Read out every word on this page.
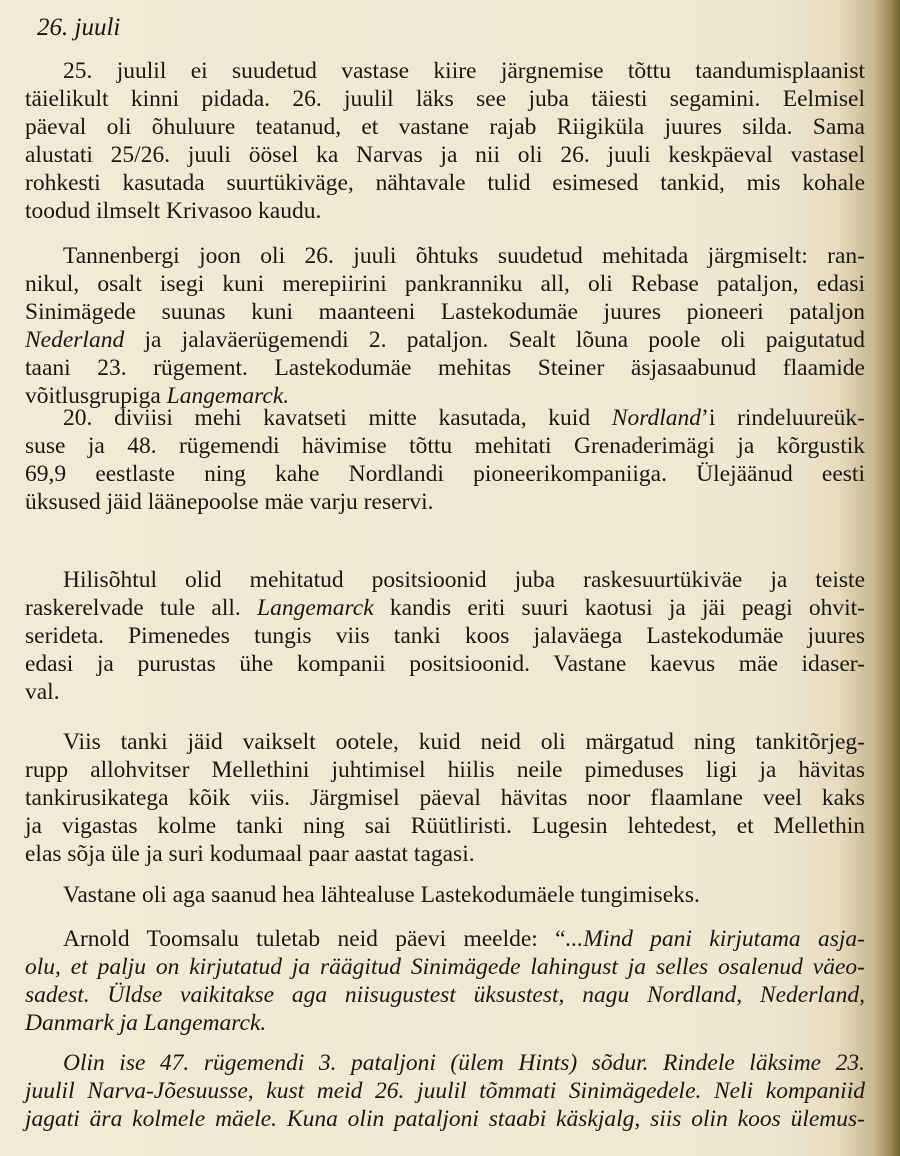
26. juuli
25. juulil ei suudetud vastase kiire järgnemise tõttu taandumisplaanist
täielikult kinni pidada. 26. juulil läks see juba täiesti segamini. Eelmisel
päeval oli õhuluure teatanud, et vastane rajab Riigiküla juures silda. Sama
alustati 25/26. juuli öösel ka Narvas ja nii oli 26. juuli keskpäeval vastasel
rohkesti kasutada suurtükiväge, nähtavale tulid esimesed tankid, mis kohale
toodud ilmselt Krivasoo kaudu.
Tannenbergi joon oli 26. juuli õhtuks suudetud mehitada järgmiselt: ran-
nikul, osalt isegi kuni merepiirini pankranniku all, oli Rebase pataljon, edasi
Sinimägede suunas kuni maanteeni Lastekodumäe juures pioneeri pataljon
Nederland ja jalaväerügemendi 2. pataljon. Sealt lõuna poole oli paigutatud
taani 23. rügement. Lastekodumäe mehitas Steiner äsjasaabunud flaamide
võitlusgrupiga Langemarck.
20. diviisi mehi kavatseti mitte kasutada, kuid Nordland’i rindeluureük-
suse ja 48. rügemendi hävimise tõttu mehitati Grenaderimägi ja kõrgustik
69,9 eestlaste ning kahe Nordlandi pioneerikompaniiga. Ülejäänud eesti
üksused jäid läänepoolse mäe varju reservi.
Hilisõhtul olid mehitatud positsioonid juba raskesuurtükiväe ja teiste
raskerelvade tule all. Langemarck kandis eriti suuri kaotusi ja jäi peagi ohvit-
serideta. Pimenedes tungis viis tanki koos jalaväega Lastekodumäe juures
edasi ja purustas ühe kompanii positsioonid. Vastane kaevus mäe idaser-
val.
Viis tanki jäid vaikselt ootele, kuid neid oli märgatud ning tankitõrjeg-
rupp allohvitser Mellethini juhtimisel hiilis neile pimeduses ligi ja hävitas
tankirusikatega kõik viis. Järgmisel päeval hävitas noor flaamlane veel kaks
ja vigastas kolme tanki ning sai Rüütliristi. Lugesin lehtedest, et Mellethin
elas sõja üle ja suri kodumaal paar aastat tagasi.
Vastane oli aga saanud hea lähtealuse Lastekodumäele tungimiseks.
Arnold Toomsalu tuletab neid päevi meelde: “...Mind pani kirjutama asja-
olu, et palju on kirjutatud ja räägitud Sinimägede lahingust ja selles osalenud väeo-
sadest. Üldse vaikitakse aga niisugustest üksustest, nagu Nordland, Nederland,
Danmark ja Langemarck.
Olin ise 47. rügemendi 3. pataljoni (ülem Hints) sõdur. Rindele läksime 23.
juulil Narva-Jõesuusse, kust meid 26. juulil tõmmati Sinimägedele. Neli kompaniid
jagati ära kolmele mäele. Kuna olin pataljoni staabi käskjalg, siis olin koos ülemus-
